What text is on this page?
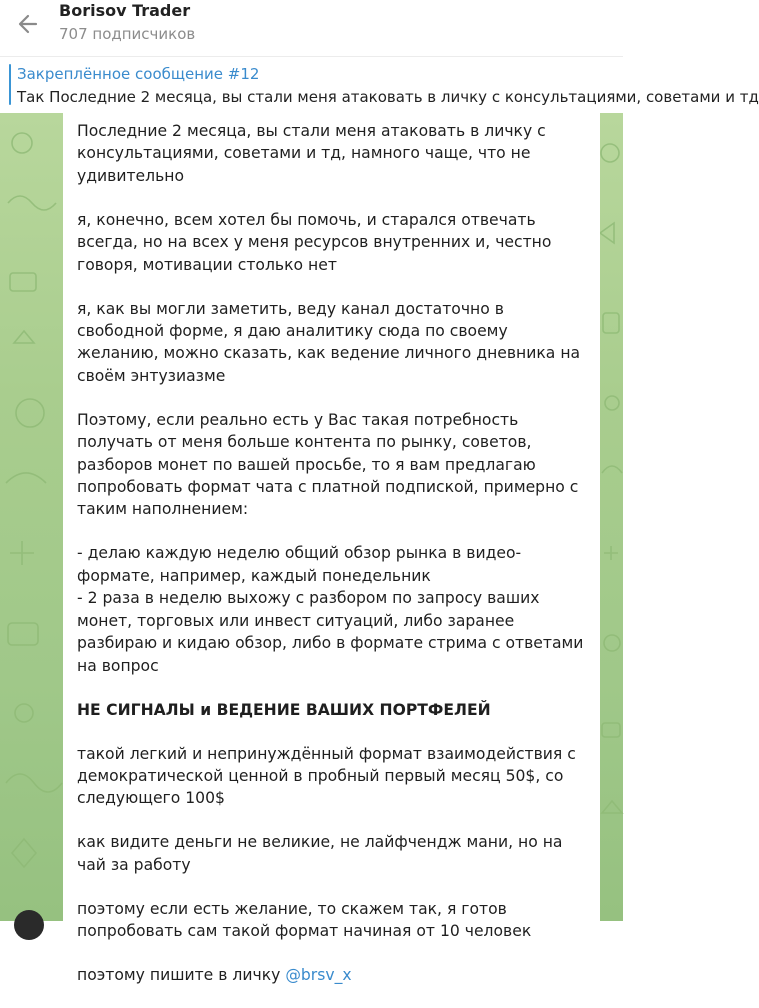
Borisov Trader
707 подписчиков
Закреплённое сообщение #12
Так Последние 2 месяца, вы стали меня атаковать в личку с консультациями, советами и тд

Последние 2 месяца, вы стали меня атаковать в личку с консультациями, советами и тд, намного чаще, что не удивительно

я, конечно, всем хотел бы помочь, и старался отвечать всегда, но на всех у меня ресурсов внутренних и, честно говоря, мотивации столько нет

я, как вы могли заметить, веду канал достаточно в свободной форме, я даю аналитику сюда по своему желанию, можно сказать, как ведение личного дневника на своём энтузиазме

Поэтому, если реально есть у Вас такая потребность получать от меня больше контента по рынку, советов, разборов монет по вашей просьбе, то я вам предлагаю попробовать формат чата с платной подпиской, примерно с таким наполнением:

- делаю каждую неделю общий обзор рынка в видео-формате, например, каждый понедельник
- 2 раза в неделю выхожу с разбором по запросу ваших монет, торговых или инвест ситуаций, либо заранее разбираю и кидаю обзор, либо в формате стрима с ответами на вопрос

НЕ СИГНАЛЫ и ВЕДЕНИЕ ВАШИХ ПОРТФЕЛЕЙ

такой легкий и непринуждённый формат взаимодействия с демократической ценной в пробный первый месяц 50$, со следующего 100$

как видите деньги не великие, не лайфчендж мани, но на чай за работу

поэтому если есть желание, то скажем так, я готов попробовать сам такой формат начиная от 10 человек

поэтому пишите в личку @brsv_x
